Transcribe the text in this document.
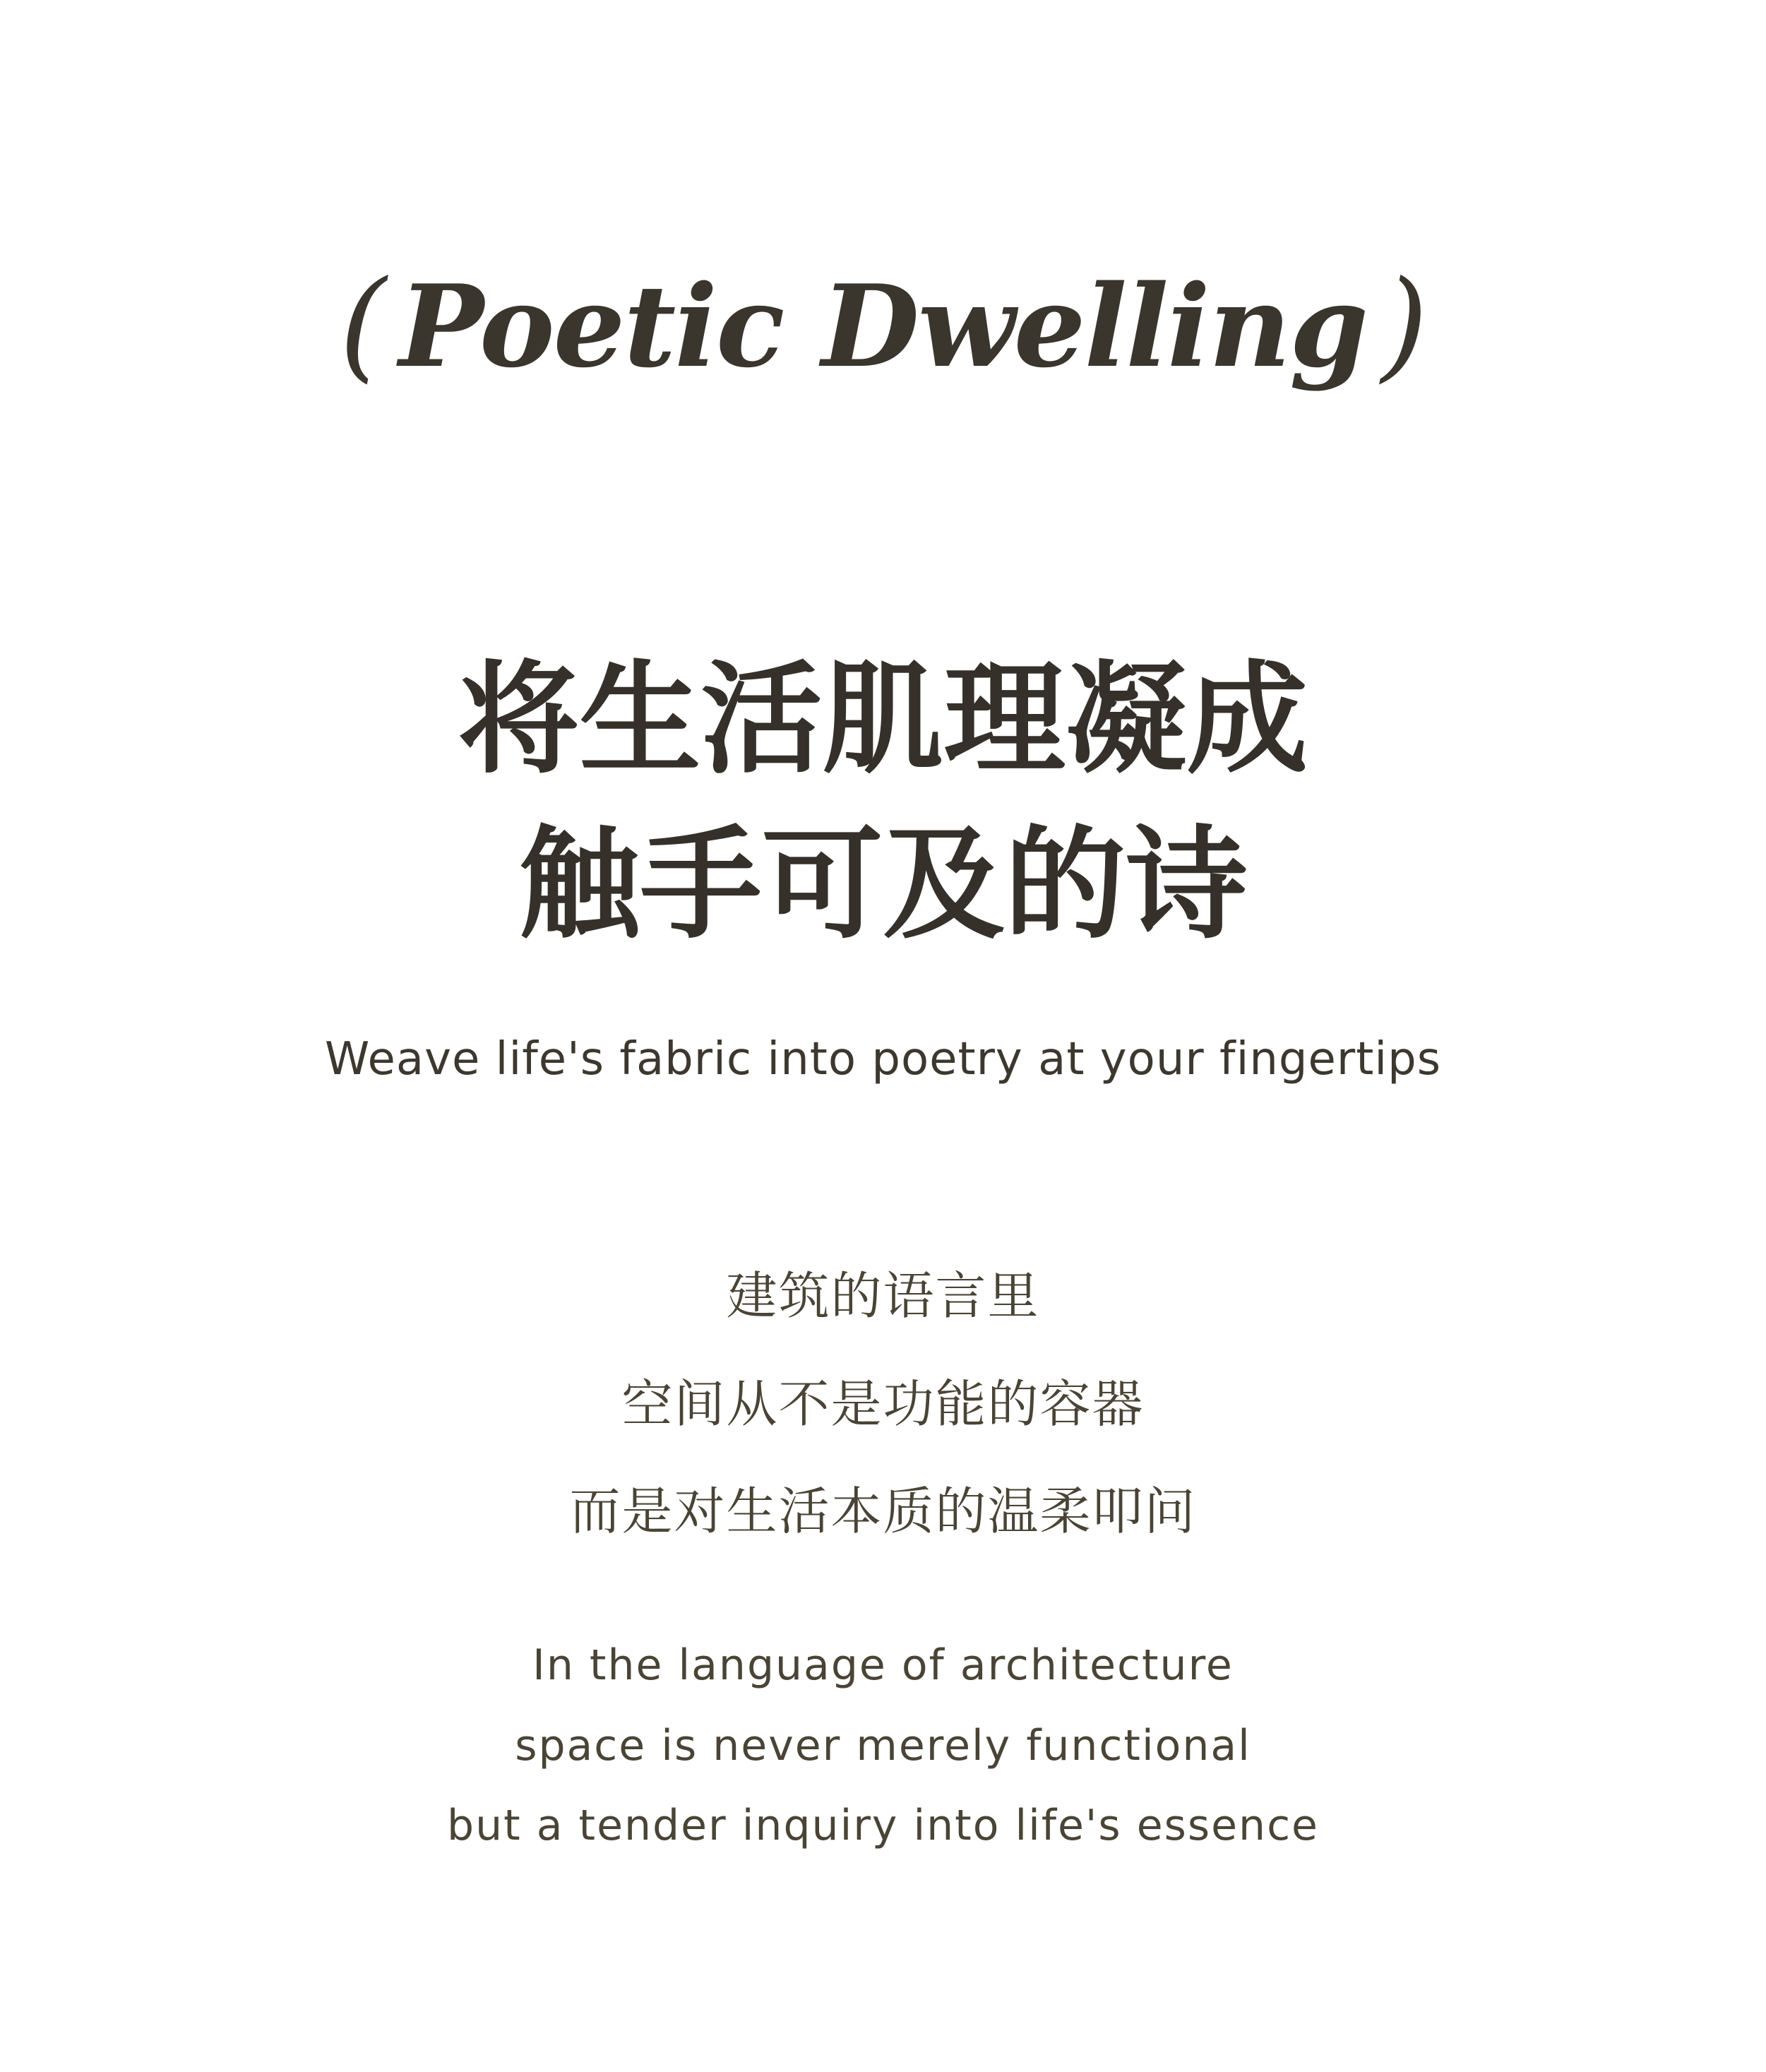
( Poetic Dwelling )
将生活肌理凝成
触手可及的诗
Weave life's fabric into poetry at your fingertips
建筑的语言里
空间从不是功能的容器
而是对生活本质的温柔叩问
In the language of architecture
space is never merely functional
but a tender inquiry into life's essence
